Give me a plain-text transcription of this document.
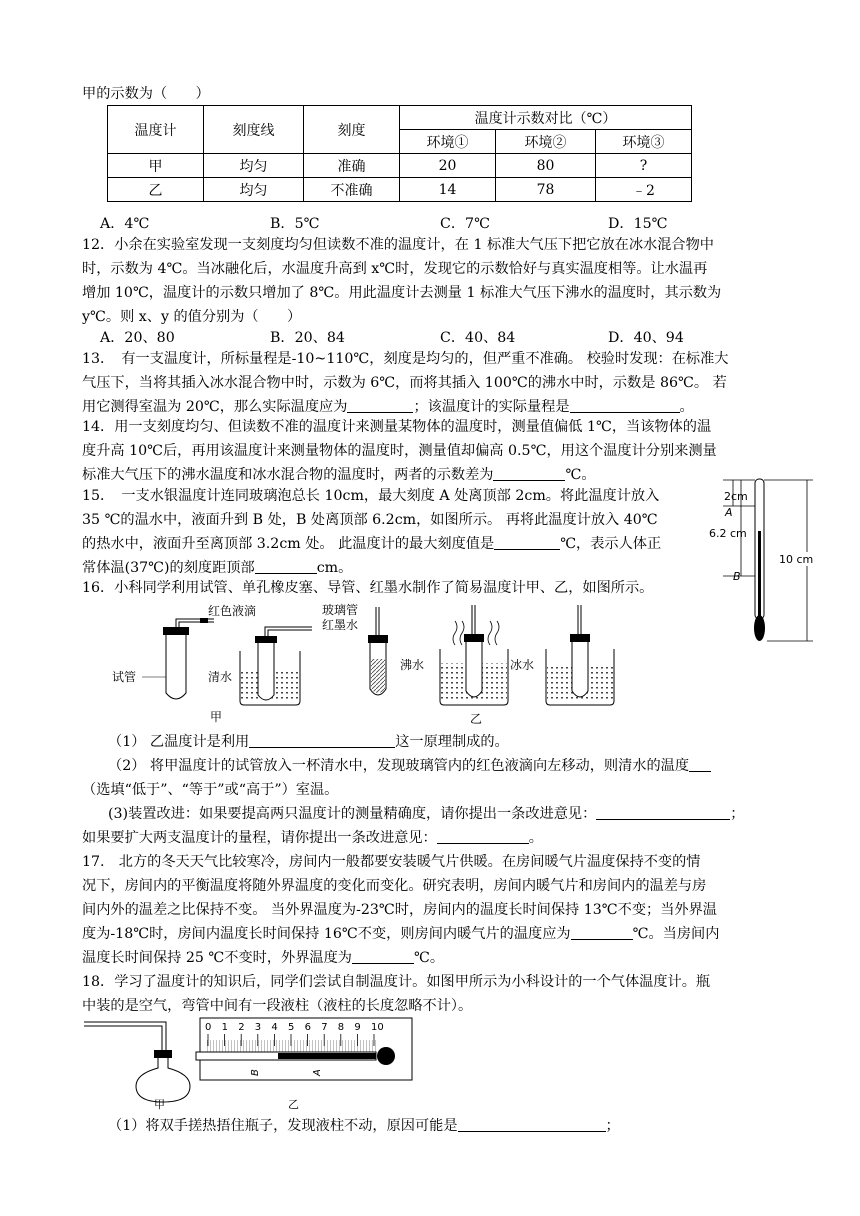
甲的示数为（　　）
温度计	刻度线	刻度	温度计示数对比（℃）		
			环境①	环境②	环境③
甲	均匀	准确	20	80	?
乙	均匀	不准确	14	78	﹣2
A．4℃	B．5℃	C．7℃	D．15℃
12．小余在实验室发现一支刻度均匀但读数不准的温度计，在 1 标准大气压下把它放在冰水混合物中
时，示数为 4℃。当冰融化后，水温度升高到 x℃时，发现它的示数恰好与真实温度相等。让水温再
增加 10℃，温度计的示数只增加了 8℃。用此温度计去测量 1 标准大气压下沸水的温度时，其示数为
y℃。则 x、y 的值分别为（　　）
A．20、80	B．20、84	C．40、84	D．40、94
13．　有一支温度计，所标量程是-10~110℃，刻度是均匀的，但严重不准确。 校验时发现：在标准大
气压下，当将其插入冰水混合物中时，示数为 6℃，而将其插入 100℃的沸水中时，示数是 86℃。 若
用它测得室温为 20℃，那么实际温度应为	；该温度计的实际量程是	。
14．用一支刻度均匀、但读数不准的温度计来测量某物体的温度时，测量值偏低 1℃，当该物体的温
度升高 10℃后，再用该温度计来测量物体的温度时，测量值却偏高 0.5℃，用这个温度计分别来测量
标准大气压下的沸水温度和冰水混合物的温度时，两者的示数差为	℃。
15．　一支水银温度计连同玻璃泡总长 10cm，最大刻度 A 处离顶部 2cm。将此温度计放入
35 ℃的温水中，液面升到 B 处，B 处离顶部 6.2cm，如图所示。 再将此温度计放入 40℃
的热水中，液面升至离顶部 3.2cm 处。 此温度计的最大刻度值是	℃，表示人体正
常体温(37℃)的刻度距顶部	cm。
2cm
A
6.2 cm
B
10 cm
16．小科同学利用试管、单孔橡皮塞、导管、红墨水制作了简易温度计甲、乙，如图所示。
红色液滴
试管	清水
甲
玻璃管
红墨水
沸水
乙
冰水
（1） 乙温度计是利用	这一原理制成的。
（2） 将甲温度计的试管放入一杯清水中，发现玻璃管内的红色液滴向左移动，则清水的温度
（选填“低于”、“等于”或“高于”）室温。
(3)装置改进：如果要提高两只温度计的测量精确度，请你提出一条改进意见：	；
如果要扩大两支温度计的量程，请你提出一条改进意见：	。
17.　北方的冬天天气比较寒冷，房间内一般都要安装暖气片供暖。在房间暖气片温度保持不变的情
况下，房间内的平衡温度将随外界温度的变化而变化。研究表明，房间内暖气片和房间内的温差与房
间内外的温差之比保持不变。 当外界温度为-23℃时，房间内的温度长时间保持 13℃不变；当外界温
度为-18℃时，房间内温度长时间保持 16℃不变，则房间内暖气片的温度应为	℃。当房间内
温度长时间保持 25 ℃不变时，外界温度为	℃。
18．学习了温度计的知识后，同学们尝试自制温度计。如图甲所示为小科设计的一个气体温度计。瓶
中装的是空气，弯管中间有一段液柱（液柱的长度忽略不计）。
甲
0 1 2 3 4 5 6 7 8 9 10
B	A
乙
（1）将双手搓热捂住瓶子，发现液柱不动，原因可能是	；
